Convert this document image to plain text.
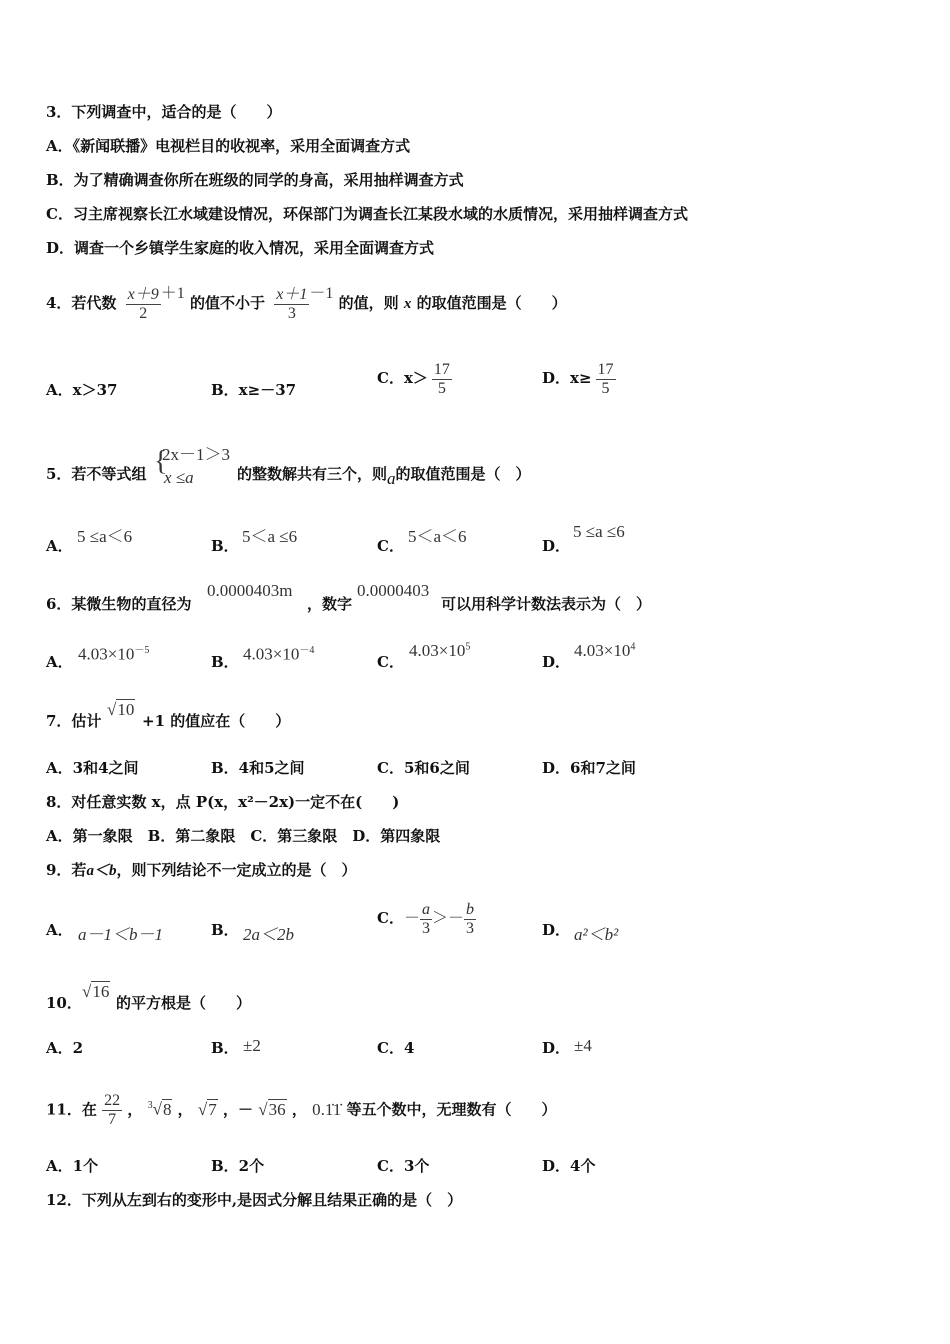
3．下列调查中，适合的是（　　）
A．《新闻联播》电视栏目的收视率，采用全面调查方式
B．为了精确调查你所在班级的同学的身高，采用抽样调查方式
C．习主席视察长江水域建设情况，环保部门为调查长江某段水域的水质情况，采用抽样调查方式
D．调查一个乡镇学生家庭的收入情况，采用全面调查方式
4．若代数 $\frac{x+9}{2} +1$ 的值不小于 $\frac{x+1}{3} -1$ 的值，则 x 的取值范围是（　　）
A．x＞37	B．x≥－37
C．$x> \frac{17}{5}$	D．$x\ge \frac{17}{5}$
{
2x－1＞3
x ≤a
5．若不等式组	的整数解共有三个，则a的取值范围是（　）
A． 5 ≤a＜6	B． 5＜a ≤6	C． 5＜a＜6	D．
5 ≤a ≤6
6．某微生物的直径为
0.0000403m
，数字
0.0000403
可以用科学计数法表示为（　）
A． $4.03\times 10^{-5}$
B． $4.03\times 10^{-4}$
C．
$4.03\times 10^5$
D．
$4.03\times 10^4$
7．估计
√10
+1 的值应在（　　）
A．3和4之间	B．4和5之间	C．5和6之间	D．6和7之间
8．对任意实数 x，点 P(x，x²－2x)一定不在(　　)
A．第一象限　B．第二象限　C．第三象限　D．第四象限
9．若a＜b，则下列结论不一定成立的是（　）
A． a－1＜b－1	B． 2a＜2b
C．－ $\frac{a}{3} >- \frac{b}{3}$	D． a²＜b²
10．
√16
的平方根是（　　）
A．2	B． ±2	C．4	D． ±4
11．在 $\frac{22}{7}$ ， $^3$√8 ， √7 ，－ √36 ， 0.1̇1̇ 等五个数中，无理数有（　　）
A．1个	B．2个	C．3个	D．4个
12．下列从左到右的变形中,是因式分解且结果正确的是（　）
